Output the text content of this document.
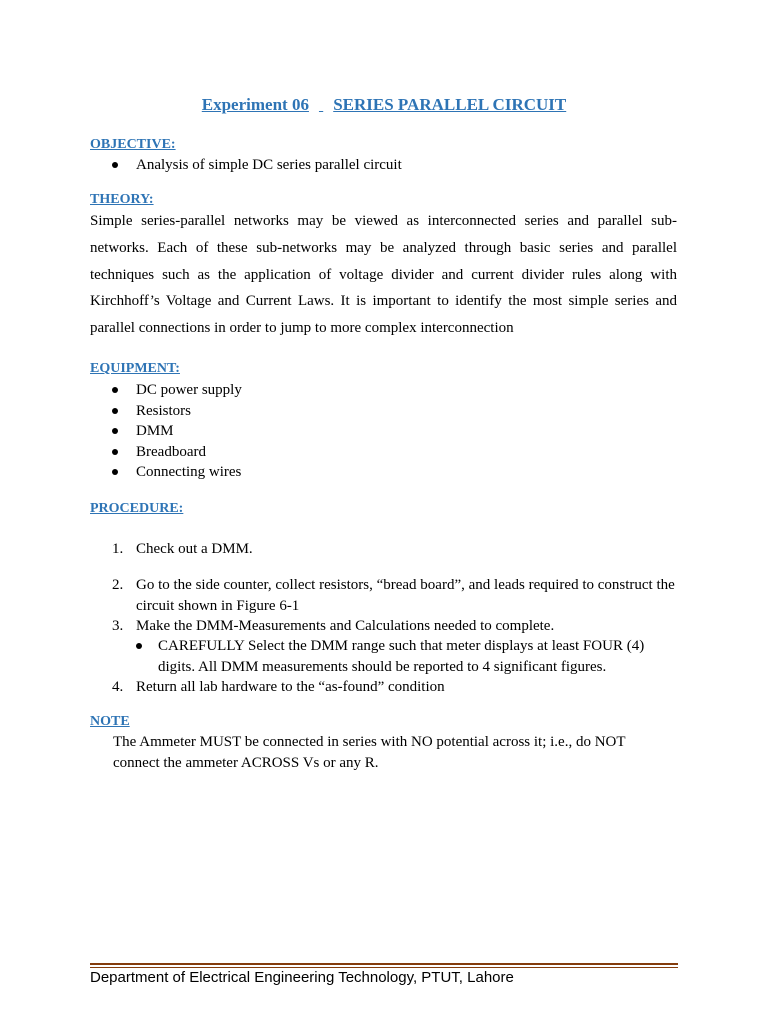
Experiment 06 SERIES PARALLEL CIRCUIT
OBJECTIVE:
Analysis of simple DC series parallel circuit
THEORY:
Simple series-parallel networks may be viewed as interconnected series and parallel sub-networks. Each of these sub-networks may be analyzed through basic series and parallel techniques such as the application of voltage divider and current divider rules along with Kirchhoff’s Voltage and Current Laws. It is important to identify the most simple series and parallel connections in order to jump to more complex interconnection
EQUIPMENT:
DC power supply
Resistors
DMM
Breadboard
Connecting wires
PROCEDURE:
1. Check out a DMM.
2. Go to the side counter, collect resistors, “bread board”, and leads required to construct the circuit shown in Figure 6-1
3. Make the DMM-Measurements and Calculations needed to complete.
CAREFULLY Select the DMM range such that meter displays at least FOUR (4) digits. All DMM measurements should be reported to 4 significant figures.
4. Return all lab hardware to the “as-found” condition
NOTE
The Ammeter MUST be connected in series with NO potential across it; i.e., do NOT connect the ammeter ACROSS Vs or any R.
Department of Electrical Engineering Technology, PTUT, Lahore
